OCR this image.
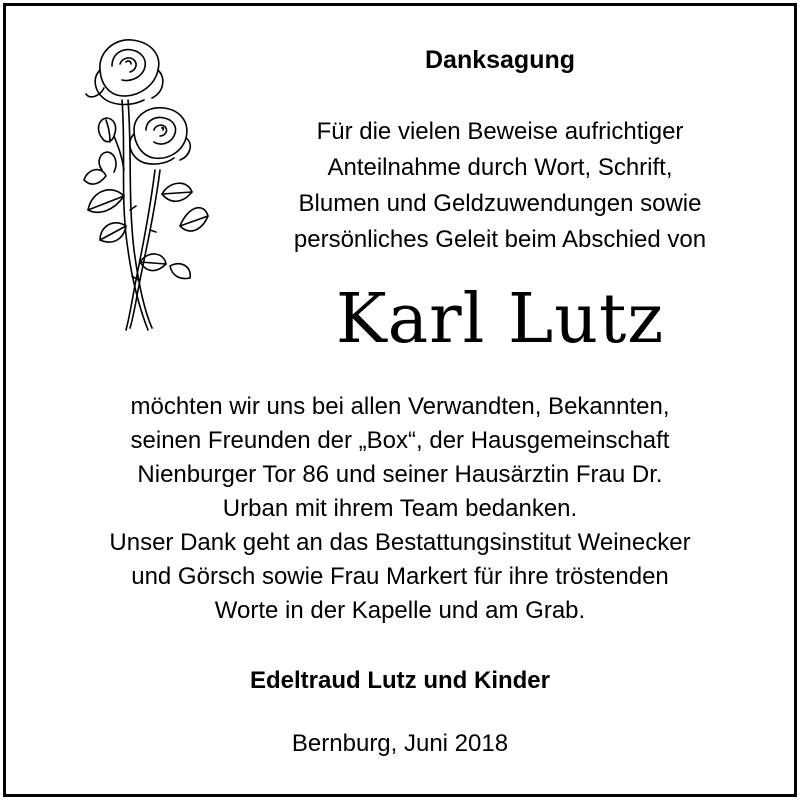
Danksagung
Für die vielen Beweise aufrichtiger
Anteilnahme durch Wort, Schrift,
Blumen und Geldzuwendungen sowie
persönliches Geleit beim Abschied von
Karl Lutz
möchten wir uns bei allen Verwandten, Bekannten,
seinen Freunden der „Box“, der Hausgemeinschaft
Nienburger Tor 86 und seiner Hausärztin Frau Dr.
Urban mit ihrem Team bedanken.
Unser Dank geht an das Bestattungsinstitut Weinecker
und Görsch sowie Frau Markert für ihre tröstenden
Worte in der Kapelle und am Grab.
Edeltraud Lutz und Kinder
Bernburg, Juni 2018
